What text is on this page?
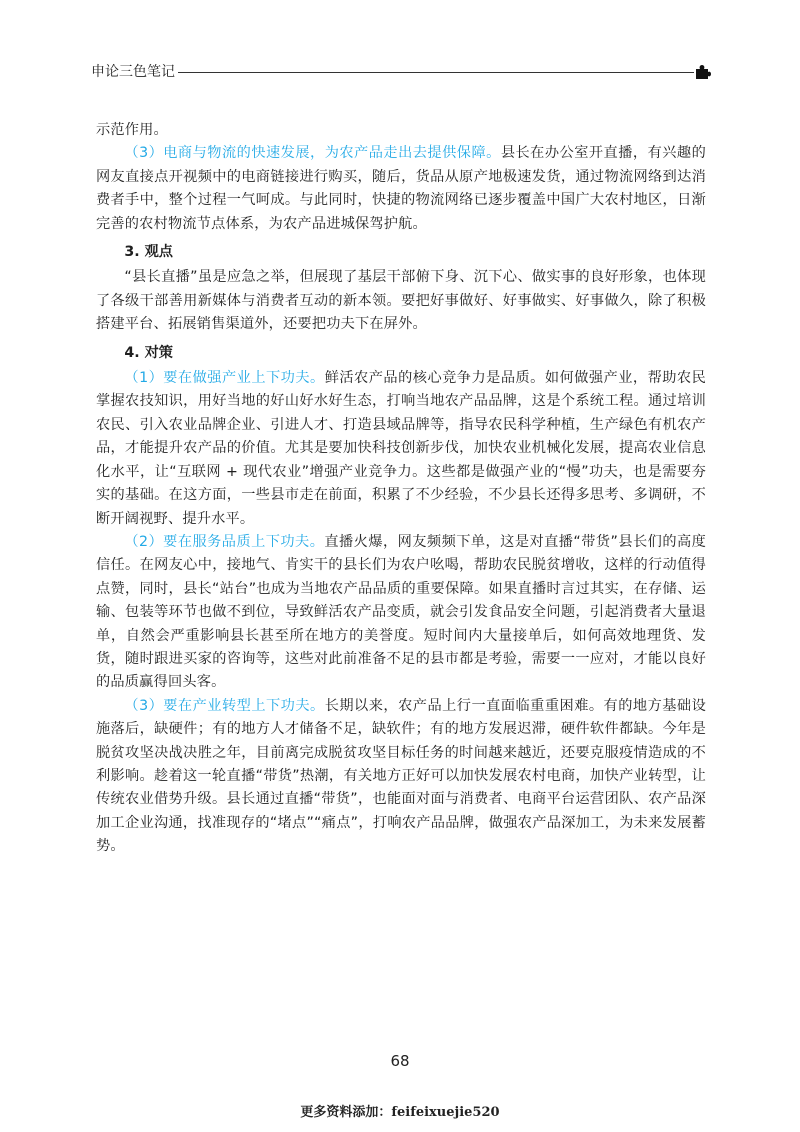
申论三色笔记

示范作用。

（3）电商与物流的快速发展，为农产品走出去提供保障。县长在办公室开直播，有兴趣的网友直接点开视频中的电商链接进行购买，随后，货品从原产地极速发货，通过物流网络到达消费者手中，整个过程一气呵成。与此同时，快捷的物流网络已逐步覆盖中国广大农村地区，日渐完善的农村物流节点体系，为农产品进城保驾护航。

3. 观点

“县长直播”虽是应急之举，但展现了基层干部俯下身、沉下心、做实事的良好形象，也体现了各级干部善用新媒体与消费者互动的新本领。要把好事做好、好事做实、好事做久，除了积极搭建平台、拓展销售渠道外，还要把功夫下在屏外。

4. 对策

（1）要在做强产业上下功夫。鲜活农产品的核心竞争力是品质。如何做强产业，帮助农民掌握农技知识，用好当地的好山好水好生态，打响当地农产品品牌，这是个系统工程。通过培训农民、引入农业品牌企业、引进人才、打造县域品牌等，指导农民科学种植，生产绿色有机农产品，才能提升农产品的价值。尤其是要加快科技创新步伐，加快农业机械化发展，提高农业信息化水平，让“互联网 + 现代农业”增强产业竞争力。这些都是做强产业的“慢”功夫，也是需要夯实的基础。在这方面，一些县市走在前面，积累了不少经验，不少县长还得多思考、多调研，不断开阔视野、提升水平。

（2）要在服务品质上下功夫。直播火爆，网友频频下单，这是对直播“带货”县长们的高度信任。在网友心中，接地气、肯实干的县长们为农户吆喝，帮助农民脱贫增收，这样的行动值得点赞，同时，县长“站台”也成为当地农产品品质的重要保障。如果直播时言过其实，在存储、运输、包装等环节也做不到位，导致鲜活农产品变质，就会引发食品安全问题，引起消费者大量退单，自然会严重影响县长甚至所在地方的美誉度。短时间内大量接单后，如何高效地理货、发货，随时跟进买家的咨询等，这些对此前准备不足的县市都是考验，需要一一应对，才能以良好的品质赢得回头客。

（3）要在产业转型上下功夫。长期以来，农产品上行一直面临重重困难。有的地方基础设施落后，缺硬件；有的地方人才储备不足，缺软件；有的地方发展迟滞，硬件软件都缺。今年是脱贫攻坚决战决胜之年，目前离完成脱贫攻坚目标任务的时间越来越近，还要克服疫情造成的不利影响。趁着这一轮直播“带货”热潮，有关地方正好可以加快发展农村电商，加快产业转型，让传统农业借势升级。县长通过直播“带货”，也能面对面与消费者、电商平台运营团队、农产品深加工企业沟通，找准现存的“堵点”“痛点”，打响农产品品牌，做强农产品深加工，为未来发展蓄势。

68
更多资料添加：feifeixuejie520
